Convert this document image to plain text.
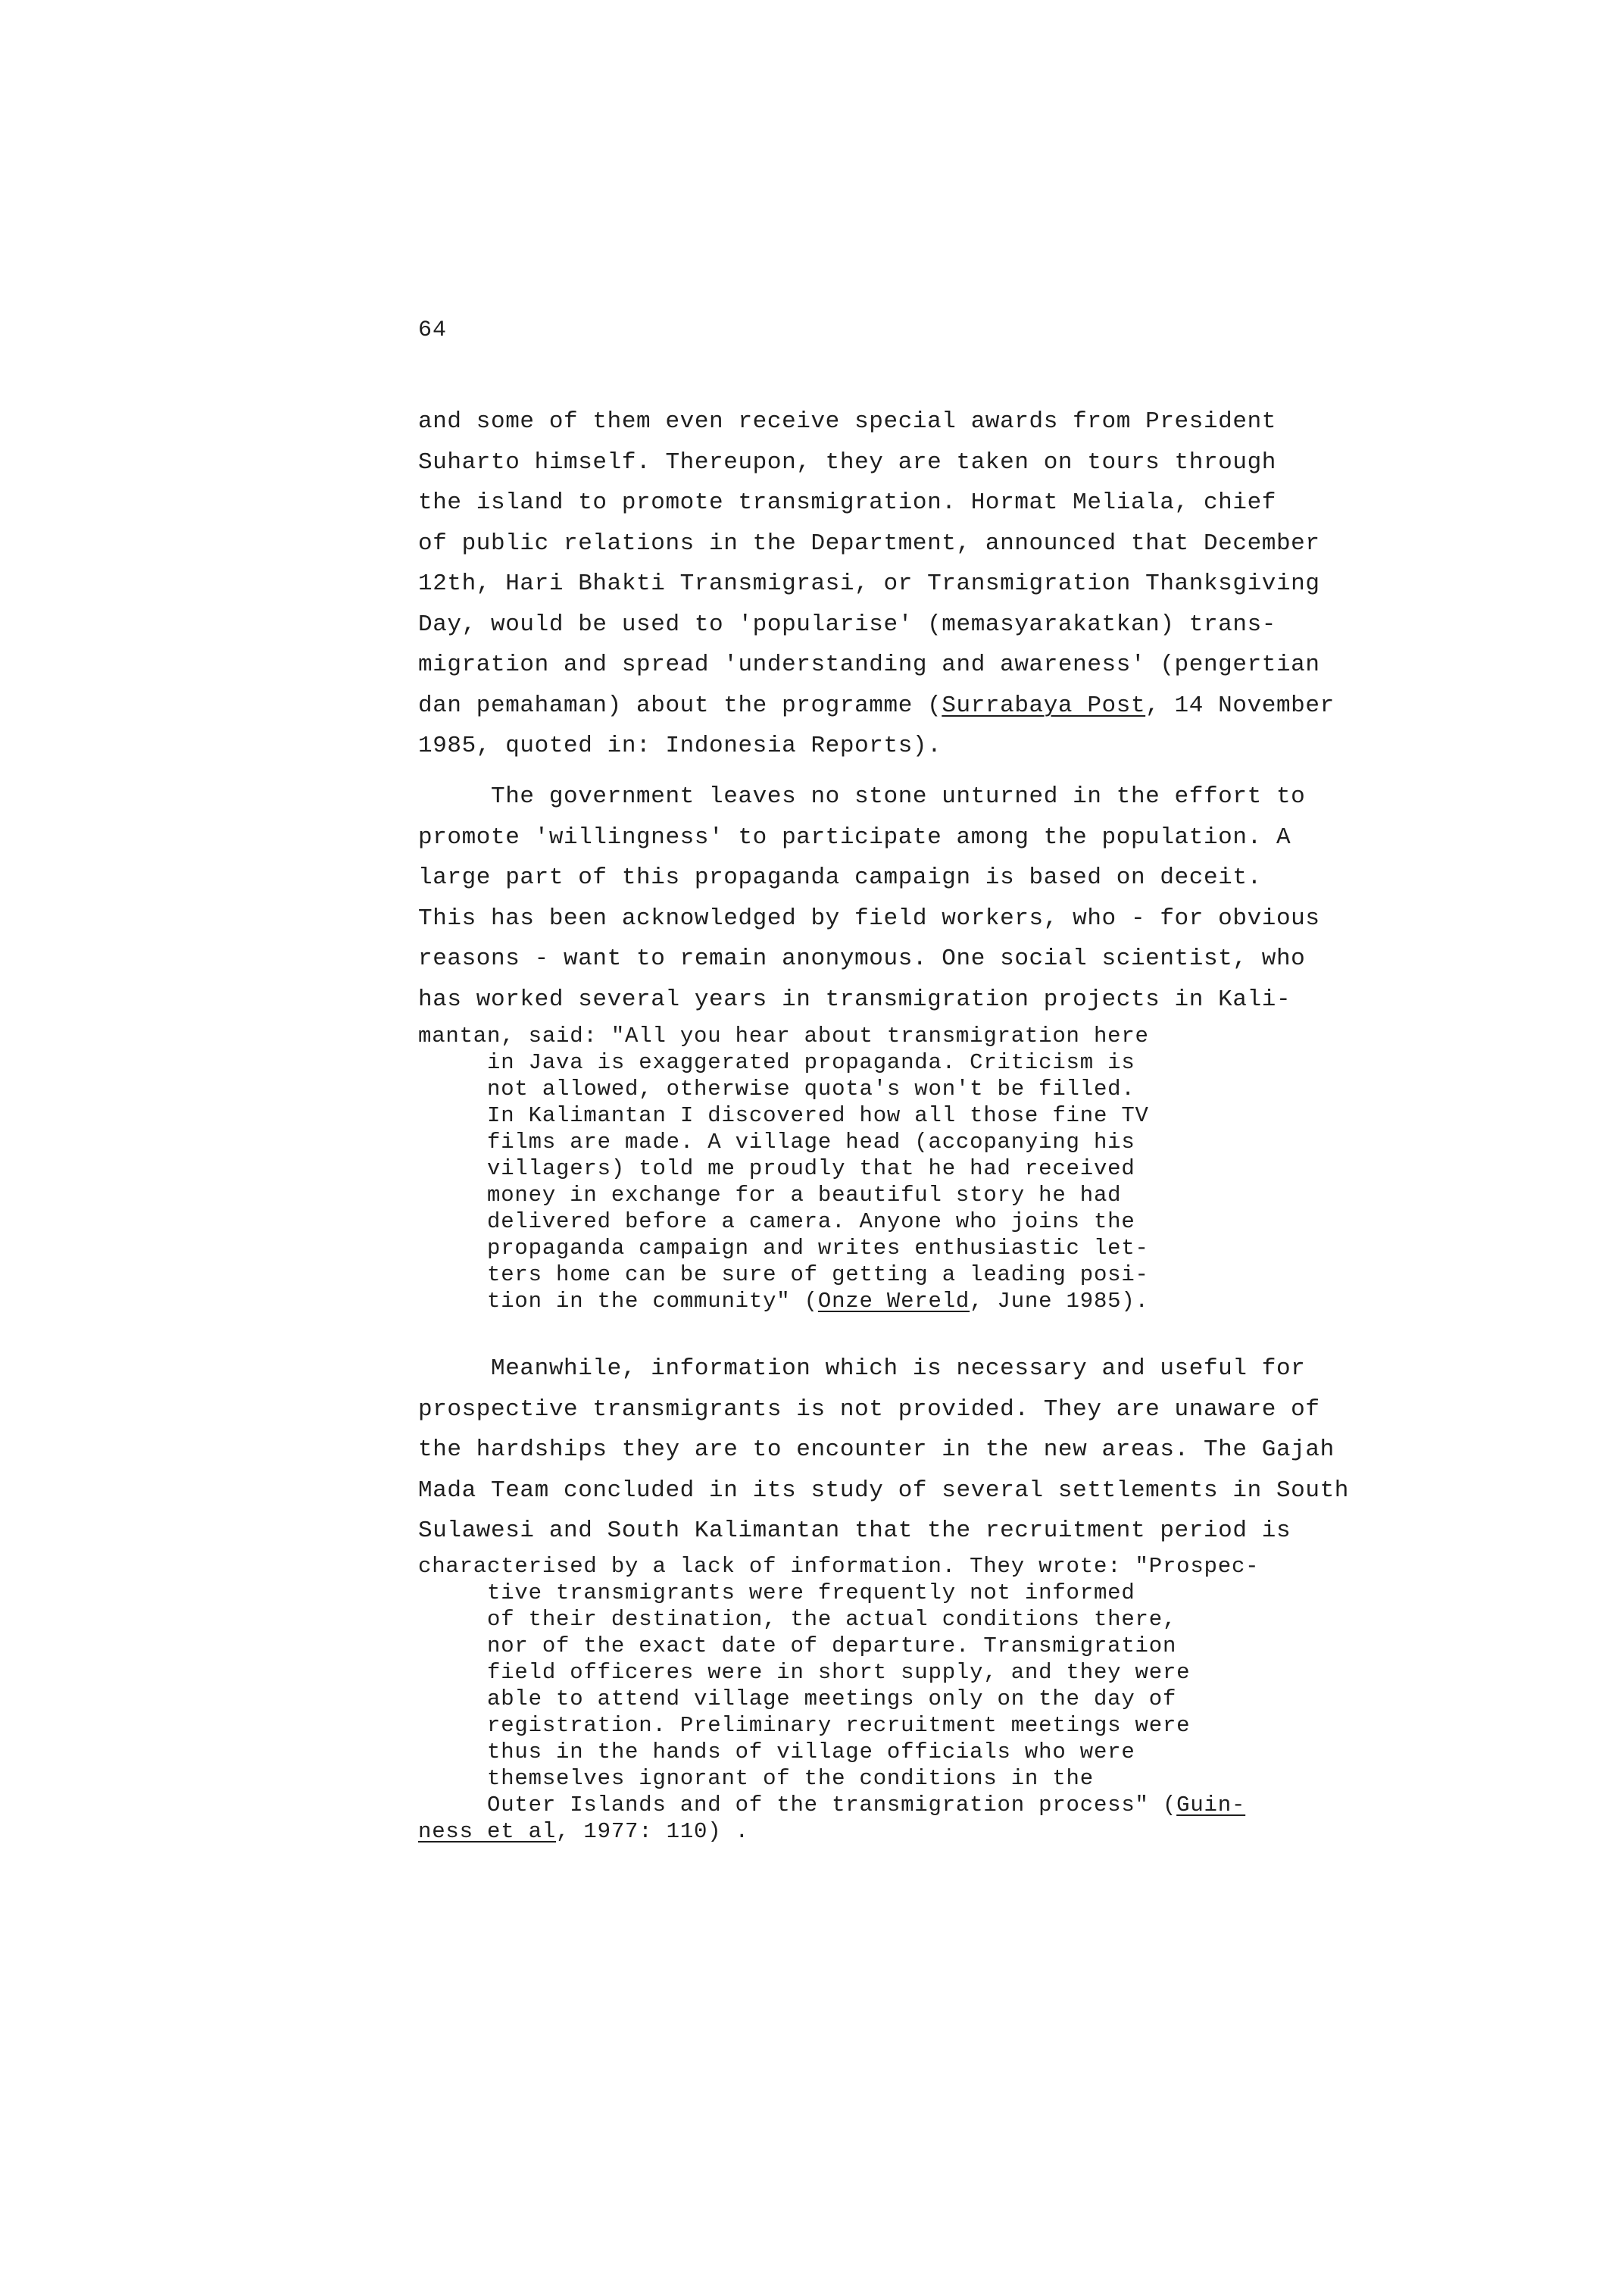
64

and some of them even receive special awards from President
Suharto himself. Thereupon, they are taken on tours through
the island to promote transmigration. Hormat Meliala, chief
of public relations in the Department, announced that December
12th, Hari Bhakti Transmigrasi, or Transmigration Thanksgiving
Day, would be used to 'popularise' (memasyarakatkan) trans-
migration and spread 'understanding and awareness' (pengertian
dan pemahaman) about the programme (Surrabaya Post, 14 November
1985, quoted in: Indonesia Reports).

The government leaves no stone unturned in the effort to
promote 'willingness' to participate among the population. A
large part of this propaganda campaign is based on deceit.
This has been acknowledged by field workers, who - for obvious
reasons - want to remain anonymous. One social scientist, who
has worked several years in transmigration projects in Kali-

mantan, said: "All you hear about transmigration here
in Java is exaggerated propaganda. Criticism is
not allowed, otherwise quota's won't be filled.
In Kalimantan I discovered how all those fine TV
films are made. A village head (accopanying his
villagers) told me proudly that he had received
money in exchange for a beautiful story he had
delivered before a camera. Anyone who joins the
propaganda campaign and writes enthusiastic let-
ters home can be sure of getting a leading posi-
tion in the community" (Onze Wereld, June 1985).

Meanwhile, information which is necessary and useful for
prospective transmigrants is not provided. They are unaware of
the hardships they are to encounter in the new areas. The Gajah
Mada Team concluded in its study of several settlements in South
Sulawesi and South Kalimantan that the recruitment period is

characterised by a lack of information. They wrote: "Prospec-
tive transmigrants were frequently not informed
of their destination, the actual conditions there,
nor of the exact date of departure. Transmigration
field officeres were in short supply, and they were
able to attend village meetings only on the day of
registration. Preliminary recruitment meetings were
thus in the hands of village officials who were
themselves ignorant of the conditions in the
Outer Islands and of the transmigration process" (Guin-
ness et al, 1977: 110) .
